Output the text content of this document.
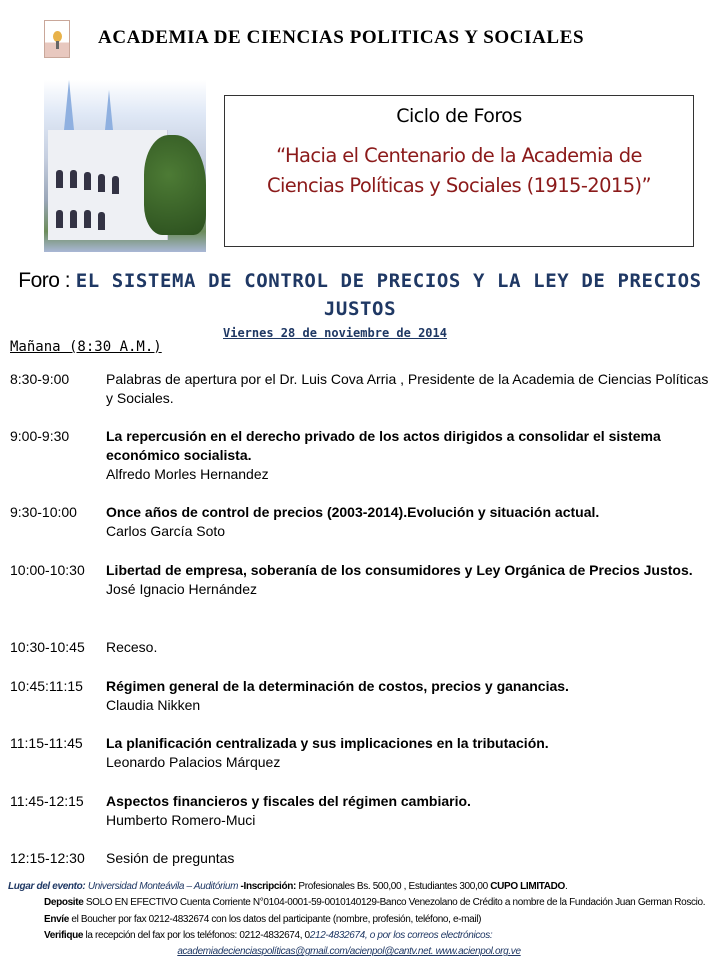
ACADEMIA DE CIENCIAS POLITICAS Y SOCIALES
Ciclo de Foros
“Hacia el Centenario de la Academia de Ciencias Políticas y Sociales (1915-2015)”
Foro : EL SISTEMA DE CONTROL DE PRECIOS Y LA LEY DE PRECIOS JUSTOS
Viernes 28 de noviembre de 2014
Mañana (8:30 A.M.)
8:30-9:00	Palabras de apertura por el Dr. Luis Cova Arria , Presidente de la Academia de Ciencias Políticas y Sociales.
9:00-9:30	La repercusión en el derecho privado de los actos dirigidos a consolidar el sistema económico socialista.
Alfredo Morles Hernandez
9:30-10:00 Once años de control de precios (2003-2014).Evolución y situación actual.
Carlos García Soto
10:00-10:30 Libertad de empresa, soberanía de los consumidores y Ley Orgánica de Precios Justos.
José Ignacio Hernández
10:30-10:45 Receso.
10:45:11:15 Régimen general de la determinación de costos, precios y ganancias.
Claudia Nikken
11:15-11:45 La planificación centralizada y sus implicaciones en la tributación.
Leonardo Palacios Márquez
11:45-12:15 Aspectos financieros y fiscales del régimen cambiario.
Humberto Romero-Muci
12:15-12:30 Sesión de preguntas
Lugar del evento: Universidad Monteávila – Auditórium -Inscripción: Profesionales Bs. 500,00 , Estudiantes 300,00 CUPO LIMITADO.
Deposite SOLO EN EFECTIVO Cuenta Corriente N°0104-0001-59-0010140129-Banco Venezolano de Crédito a nombre de la Fundación Juan German Roscio. Envíe el Boucher por fax 0212-4832674 con los datos del participante (nombre, profesión, teléfono, e-mail)
Verifique la recepción del fax por los teléfonos: 0212-4832674, 0212-4832674, o por los correos electrónicos:
academiadecienciaspolíticas@gmail.com/acienpol@cantv.net. www.acienpol.org.ve
